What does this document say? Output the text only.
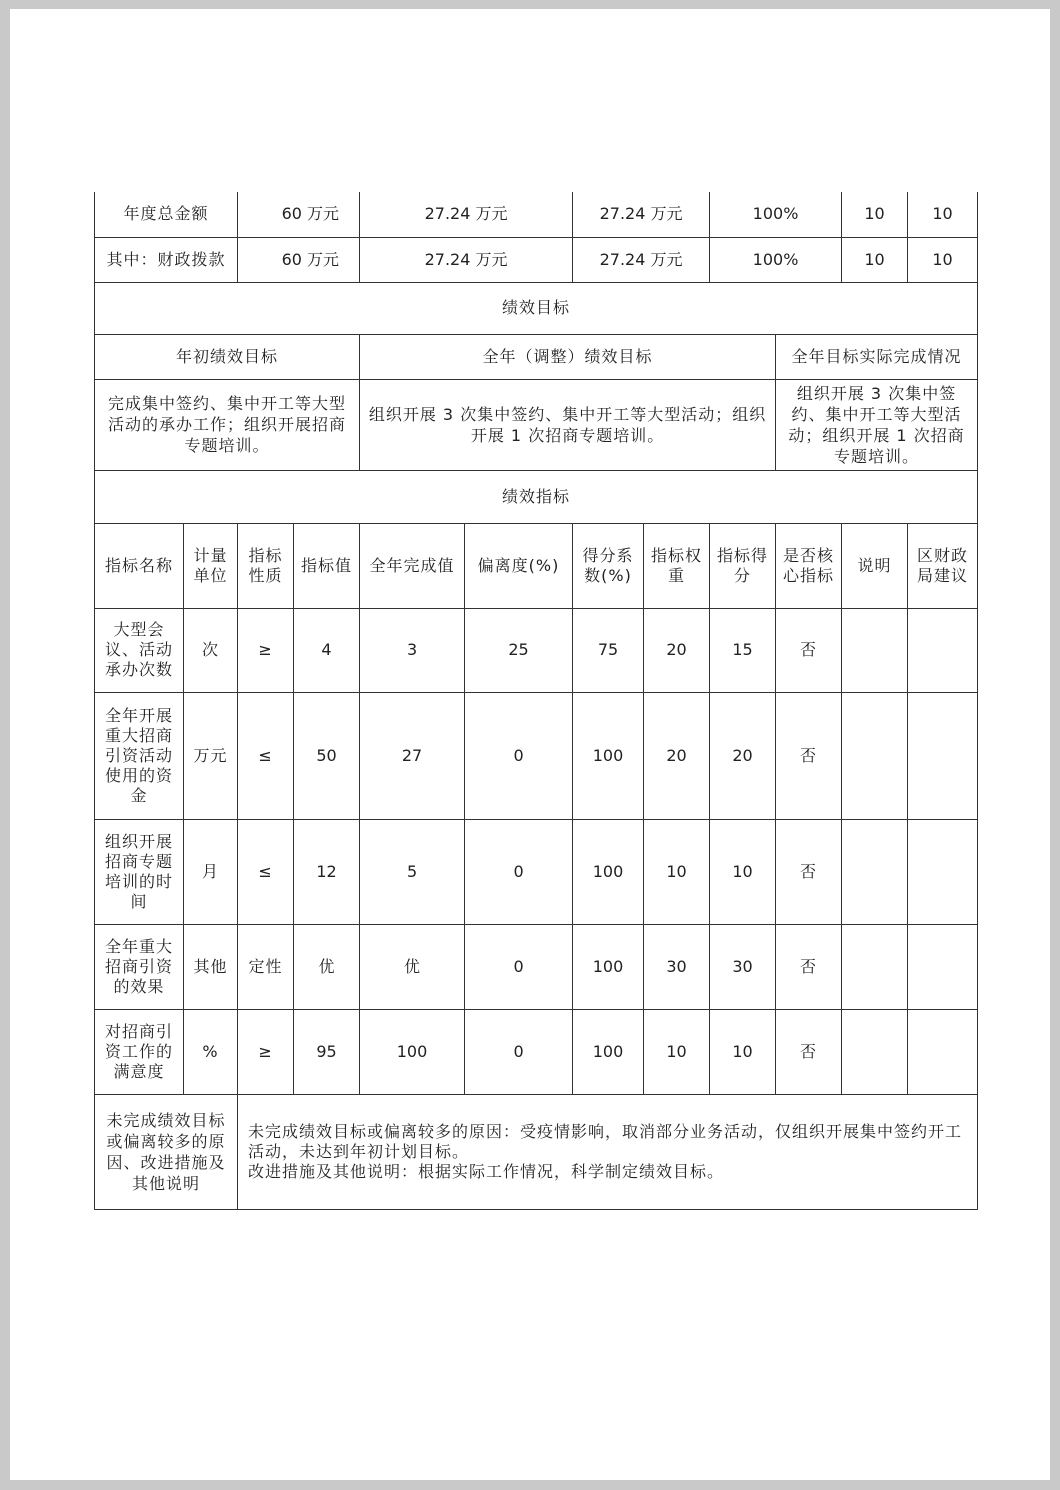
年度总金额		60 万元		27.24 万元		27.24 万元		100%		10	10
其中：财政拨款		60 万元		27.24 万元		27.24 万元		100%		10	10
绩效目标											
年初绩效目标				全年（调整）绩效目标					全年目标实际完成情况		
完成集中签约、集中开工等大型活动的承办工作；组织开展招商专题培训。				组织开展 3 次集中签约、集中开工等大型活动；组织开展 1 次招商专题培训。					组织开展 3 次集中签约、集中开工等大型活动；组织开展 1 次招商专题培训。		
绩效指标											
指标名称	计量单位	指标性质	指标值	全年完成值	偏离度(%)	得分系数(%)	指标权重	指标得分	是否核心指标	说明	区财政局建议
大型会议、活动承办次数	次	≥	4	3	25	75	20	15	否		
全年开展重大招商引资活动使用的资金	万元	≤	50	27	0	100	20	20	否		
组织开展招商专题培训的时间	月	≤	12	5	0	100	10	10	否		
全年重大招商引资的效果	其他	定性	优	优	0	100	30	30	否		
对招商引资工作的满意度	%	≥	95	100	0	100	10	10	否		
未完成绩效目标或偏离较多的原因、改进措施及其他说明		未完成绩效目标或偏离较多的原因：受疫情影响，取消部分业务活动，仅组织开展集中签约开工活动，未达到年初计划目标。
改进措施及其他说明：根据实际工作情况，科学制定绩效目标。									
